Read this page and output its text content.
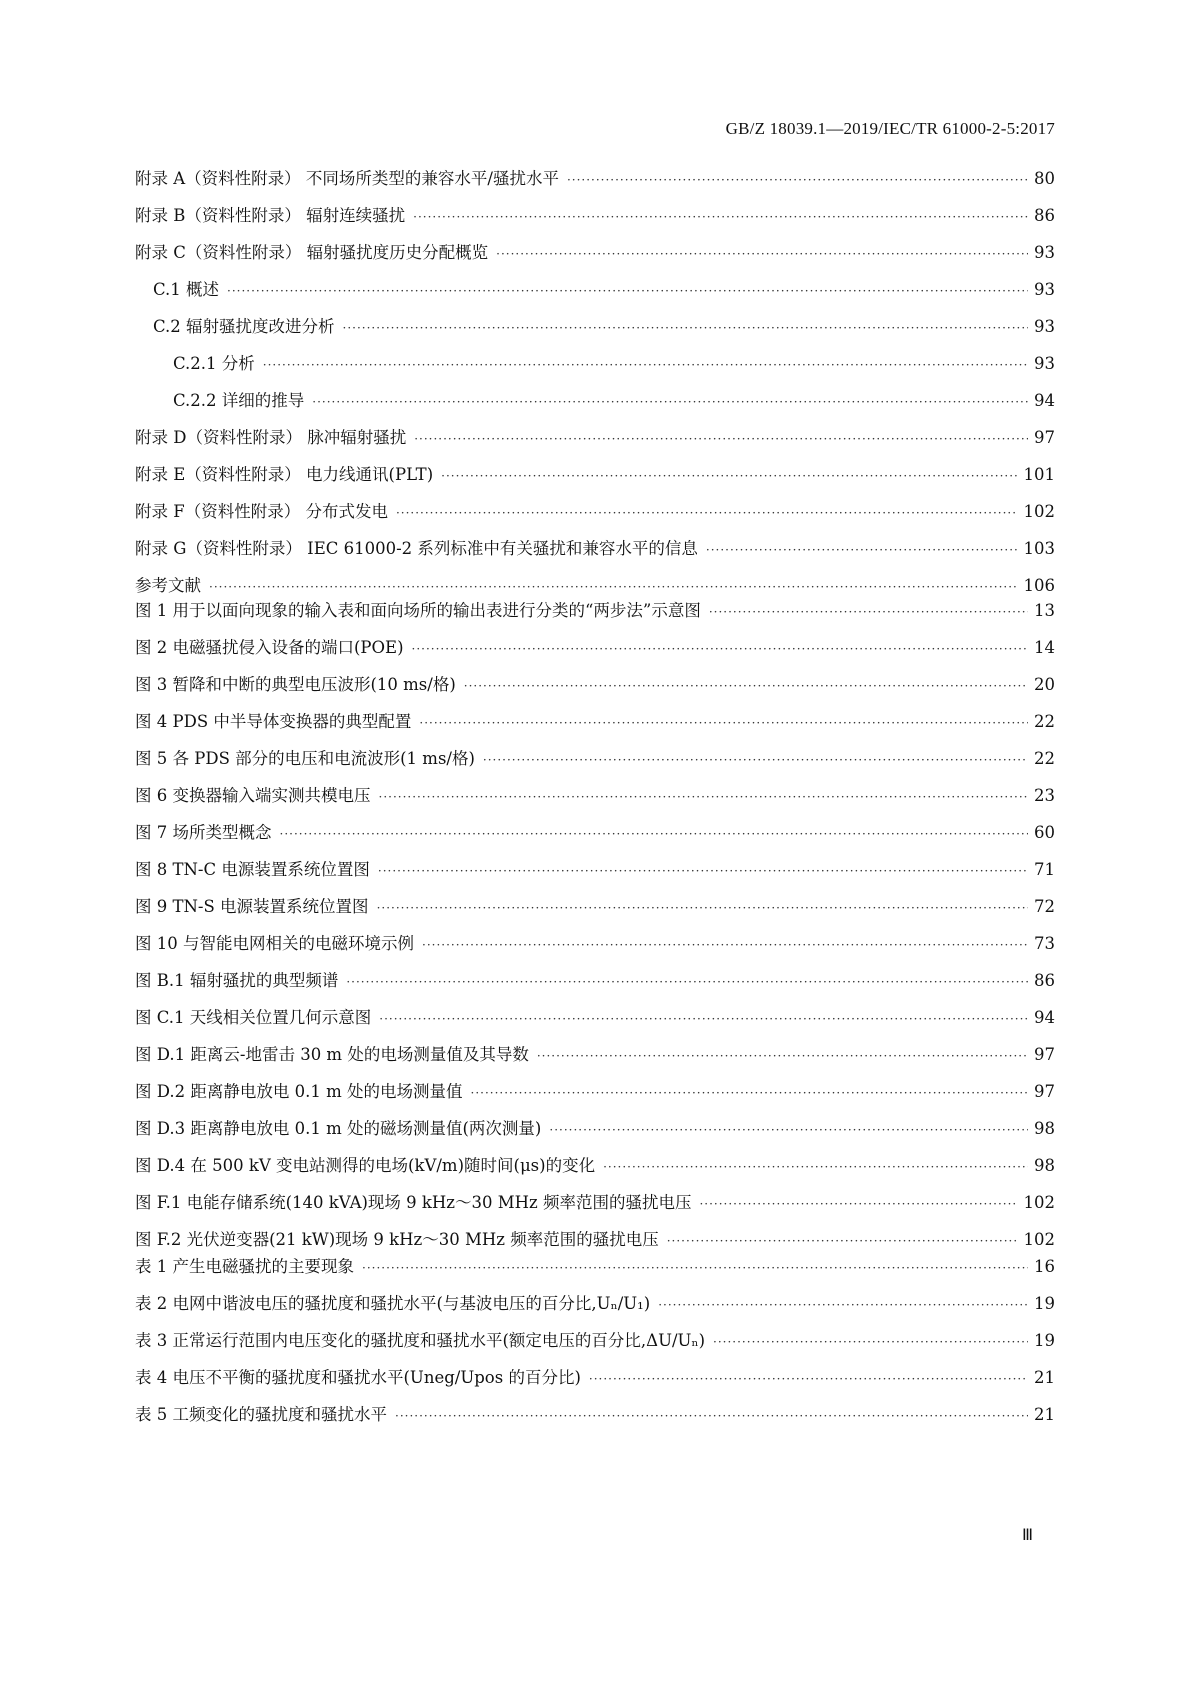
GB/Z 18039.1—2019/IEC/TR 61000-2-5:2017
附录 A（资料性附录） 不同场所类型的兼容水平/骚扰水平 ·····	80
附录 B（资料性附录） 辐射连续骚扰 ·····	86
附录 C（资料性附录） 辐射骚扰度历史分配概览 ·····	93
C.1 概述 ·····	93
C.2 辐射骚扰度改进分析 ·····	93
C.2.1 分析 ·····	93
C.2.2 详细的推导 ·····	94
附录 D（资料性附录） 脉冲辐射骚扰 ·····	97
附录 E（资料性附录） 电力线通讯(PLT) ·····	101
附录 F（资料性附录） 分布式发电 ·····	102
附录 G（资料性附录） IEC 61000-2 系列标准中有关骚扰和兼容水平的信息 ·····	103
参考文献 ·····	106
图 1 用于以面向现象的输入表和面向场所的输出表进行分类的“两步法”示意图 ·····	13
图 2 电磁骚扰侵入设备的端口(POE) ·····	14
图 3 暂降和中断的典型电压波形(10 ms/格) ·····	20
图 4 PDS 中半导体变换器的典型配置 ·····	22
图 5 各 PDS 部分的电压和电流波形(1 ms/格) ·····	22
图 6 变换器输入端实测共模电压 ·····	23
图 7 场所类型概念 ·····	60
图 8 TN-C 电源装置系统位置图 ·····	71
图 9 TN-S 电源装置系统位置图 ·····	72
图 10 与智能电网相关的电磁环境示例 ·····	73
图 B.1 辐射骚扰的典型频谱 ·····	86
图 C.1 天线相关位置几何示意图 ·····	94
图 D.1 距离云-地雷击 30 m 处的电场测量值及其导数 ·····	97
图 D.2 距离静电放电 0.1 m 处的电场测量值 ·····	97
图 D.3 距离静电放电 0.1 m 处的磁场测量值(两次测量) ·····	98
图 D.4 在 500 kV 变电站测得的电场(kV/m)随时间(μs)的变化 ·····	98
图 F.1 电能存储系统(140 kVA)现场 9 kHz～30 MHz 频率范围的骚扰电压 ·····	102
图 F.2 光伏逆变器(21 kW)现场 9 kHz～30 MHz 频率范围的骚扰电压 ·····	102
表 1 产生电磁骚扰的主要现象 ·····	16
表 2 电网中谐波电压的骚扰度和骚扰水平(与基波电压的百分比,Uₙ/U₁) ·····	19
表 3 正常运行范围内电压变化的骚扰度和骚扰水平(额定电压的百分比,ΔU/Uₙ) ·····	19
表 4 电压不平衡的骚扰度和骚扰水平(Uneg/Upos 的百分比) ·····	21
表 5 工频变化的骚扰度和骚扰水平 ·····	21
Ⅲ
